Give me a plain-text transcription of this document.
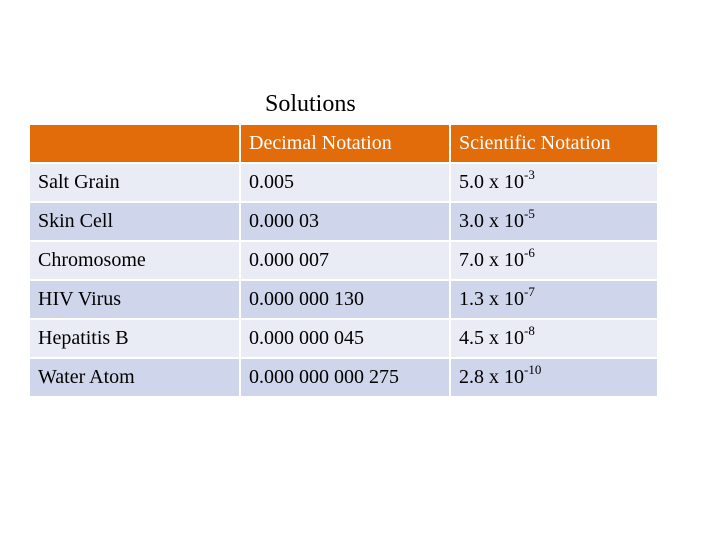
Solutions
	Decimal Notation	Scientific Notation
Salt Grain	0.005	5.0 x $10^{-3}$
Skin Cell	0.000 03	3.0 x $10^{-5}$
Chromosome	0.000 007	7.0 x $10^{-6}$
HIV Virus	0.000 000 130	1.3 x $10^{-7}$
Hepatitis B	0.000 000 045	4.5 x $10^{-8}$
Water Atom	0.000 000 000 275	2.8 x $10^{-10}$
